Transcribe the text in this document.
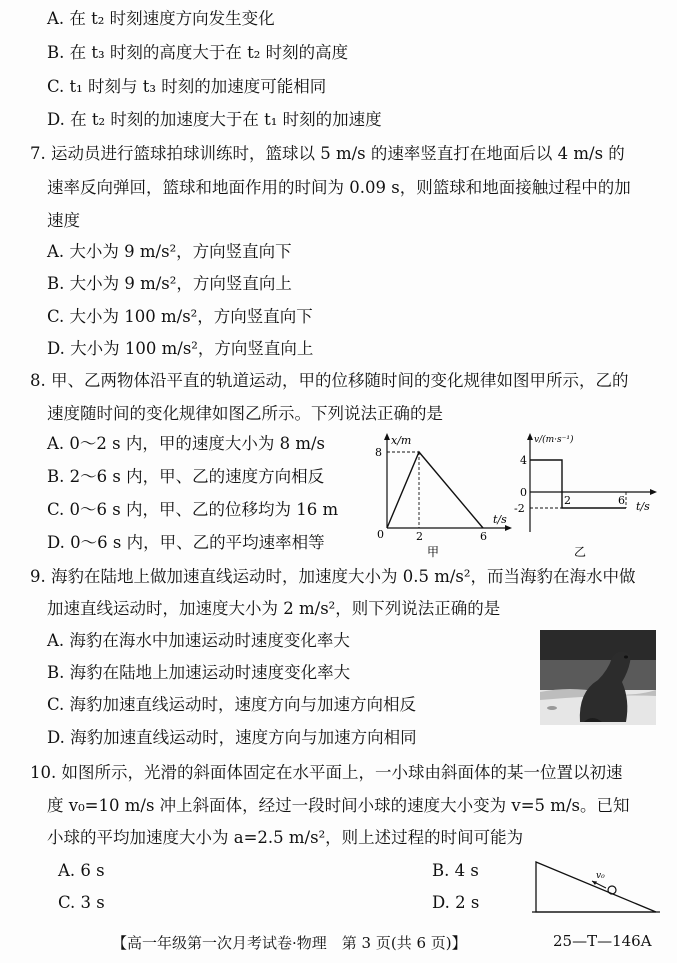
A. 在 t₂ 时刻速度方向发生变化
B. 在 t₃ 时刻的高度大于在 t₂ 时刻的高度
C. t₁ 时刻与 t₃ 时刻的加速度可能相同
D. 在 t₂ 时刻的加速度大于在 t₁ 时刻的加速度
7. 运动员进行篮球拍球训练时，篮球以 5 m/s 的速率竖直打在地面后以 4 m/s 的
速率反向弹回，篮球和地面作用的时间为 0.09 s，则篮球和地面接触过程中的加
速度
A. 大小为 9 m/s²，方向竖直向下
B. 大小为 9 m/s²，方向竖直向上
C. 大小为 100 m/s²，方向竖直向下
D. 大小为 100 m/s²，方向竖直向上
8. 甲、乙两物体沿平直的轨道运动，甲的位移随时间的变化规律如图甲所示，乙的
速度随时间的变化规律如图乙所示。下列说法正确的是
A. 0～2 s 内，甲的速度大小为 8 m/s
B. 2～6 s 内，甲、乙的速度方向相反
C. 0～6 s 内，甲、乙的位移均为 16 m
D. 0～6 s 内，甲、乙的平均速率相等
x/m
t/s
0
8
2	6
甲
v/(m·s⁻¹)
t/s
0
4
-2
2	6
乙
9. 海豹在陆地上做加速直线运动时，加速度大小为 0.5 m/s²，而当海豹在海水中做
加速直线运动时，加速度大小为 2 m/s²，则下列说法正确的是
A. 海豹在海水中加速运动时速度变化率大
B. 海豹在陆地上加速运动时速度变化率大
C. 海豹加速直线运动时，速度方向与加速方向相反
D. 海豹加速直线运动时，速度方向与加速方向相同
10. 如图所示，光滑的斜面体固定在水平面上，一小球由斜面体的某一位置以初速
度 v₀=10 m/s 冲上斜面体，经过一段时间小球的速度大小变为 v=5 m/s。已知
小球的平均加速度大小为 a=2.5 m/s²，则上述过程的时间可能为
A. 6 s	B. 4 s
C. 3 s	D. 2 s
v₀
【高一年级第一次月考试卷·物理　第 3 页(共 6 页)】	25—T—146A
